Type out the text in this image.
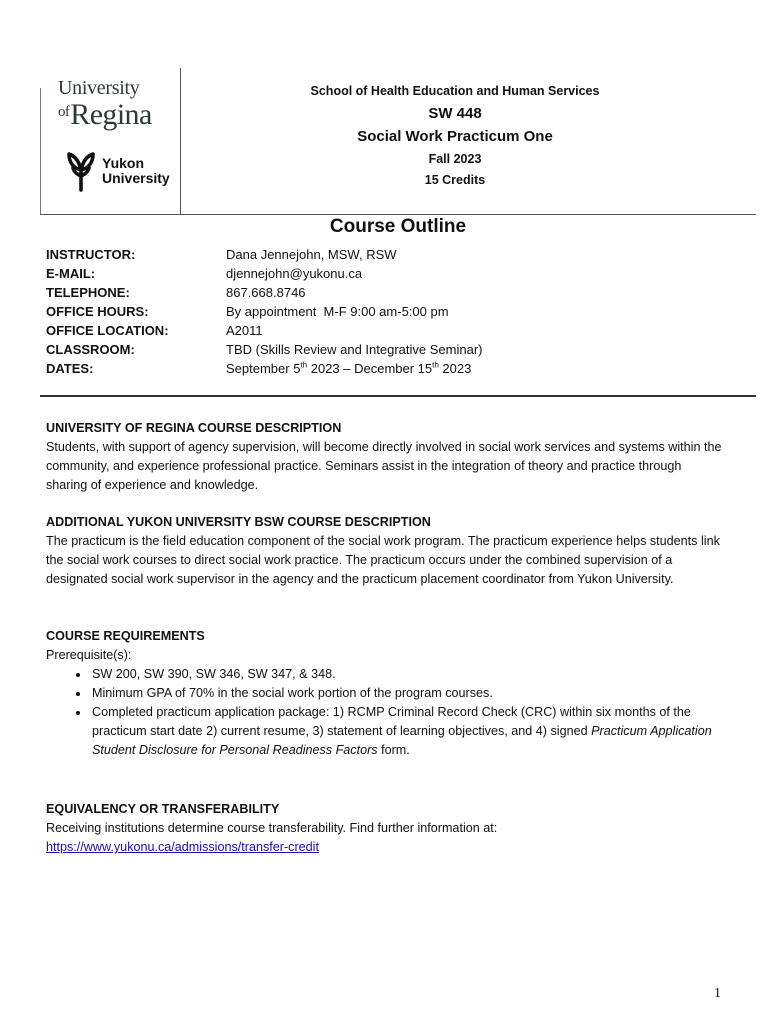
University
$^{of}$Regina
Yukon
University
School of Health Education and Human Services
SW 448
Social Work Practicum One
Fall 2023
15 Credits
Course Outline
INSTRUCTOR:	Dana Jennejohn, MSW, RSW
E-MAIL:	djennejohn@yukonu.ca
TELEPHONE:	867.668.8746
OFFICE HOURS:	By appointment  M-F 9:00 am-5:00 pm
OFFICE LOCATION:	A2011
CLASSROOM:	TBD (Skills Review and Integrative Seminar)
DATES:	September 5th 2023 – December 15th 2023
UNIVERSITY OF REGINA COURSE DESCRIPTION

Students, with support of agency supervision, will become directly involved in social work services and systems within the community, and experience professional practice. Seminars assist in the integration of theory and practice through sharing of experience and knowledge.

ADDITIONAL YUKON UNIVERSITY BSW COURSE DESCRIPTION

The practicum is the field education component of the social work program. The practicum experience helps students link the social work courses to direct social work practice. The practicum occurs under the combined supervision of a designated social work supervisor in the agency and the practicum placement coordinator from Yukon University.

COURSE REQUIREMENTS

Prerequisite(s):

• SW 200, SW 390, SW 346, SW 347, & 348.
• Minimum GPA of 70% in the social work portion of the program courses.
• Completed practicum application package: 1) RCMP Criminal Record Check (CRC) within six months of the practicum start date 2) current resume, 3) statement of learning objectives, and 4) signed Practicum Application Student Disclosure for Personal Readiness Factors form.
EQUIVALENCY OR TRANSFERABILITY

Receiving institutions determine course transferability. Find further information at:

https://www.yukonu.ca/admissions/transfer-credit
1
